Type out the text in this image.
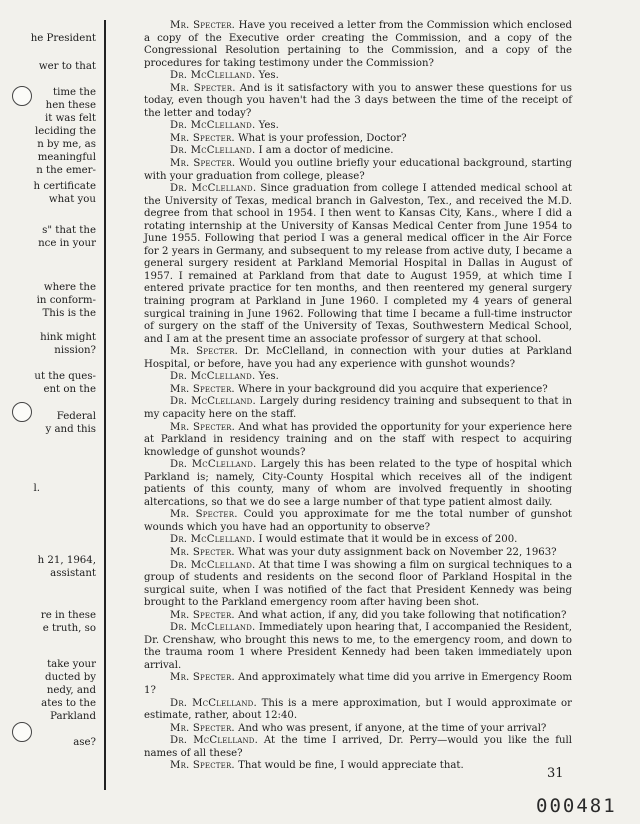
he President
wer to that
time the
hen these
it was felt
leciding the
n by me, as
meaningful
n the emer-
h certificate
what you
s" that the
nce in your
where the
in conform-
This is the
hink might
nission?
ut the ques-
ent on the
Federal
y and this
l.
h 21, 1964,
assistant
re in these
e truth, so
take your
ducted by
nedy, and
ates to the
Parkland
ase?

Mr. Specter. Have you received a letter from the Commission which enclosed a copy of the Executive order creating the Commission, and a copy of the Congressional Resolution pertaining to the Commission, and a copy of the procedures for taking testimony under the Commission?

Dr. McClelland. Yes.

Mr. Specter. And is it satisfactory with you to answer these questions for us today, even though you haven't had the 3 days between the time of the receipt of the letter and today?

Dr. McClelland. Yes.

Mr. Specter. What is your profession, Doctor?

Dr. McClelland. I am a doctor of medicine.

Mr. Specter. Would you outline briefly your educational background, starting with your graduation from college, please?

Dr. McClelland. Since graduation from college I attended medical school at the University of Texas, medical branch in Galveston, Tex., and received the M.D. degree from that school in 1954. I then went to Kansas City, Kans., where I did a rotating internship at the University of Kansas Medical Center from June 1954 to June 1955. Following that period I was a general medical officer in the Air Force for 2 years in Germany, and subsequent to my release from active duty, I became a general surgery resident at Parkland Memorial Hospital in Dallas in August of 1957. I remained at Parkland from that date to August 1959, at which time I entered private practice for ten months, and then reentered my general surgery training program at Parkland in June 1960. I completed my 4 years of general surgical training in June 1962. Following that time I became a full-time instructor of surgery on the staff of the University of Texas, Southwestern Medical School, and I am at the present time an associate professor of surgery at that school.

Mr. Specter. Dr. McClelland, in connection with your duties at Parkland Hospital, or before, have you had any experience with gunshot wounds?

Dr. McClelland. Yes.

Mr. Specter. Where in your background did you acquire that experience?

Dr. McClelland. Largely during residency training and subsequent to that in my capacity here on the staff.

Mr. Specter. And what has provided the opportunity for your experience here at Parkland in residency training and on the staff with respect to acquiring knowledge of gunshot wounds?

Dr. McClelland. Largely this has been related to the type of hospital which Parkland is; namely, City-County Hospital which receives all of the indigent patients of this county, many of whom are involved frequently in shooting altercations, so that we do see a large number of that type patient almost daily.

Mr. Specter. Could you approximate for me the total number of gunshot wounds which you have had an opportunity to observe?

Dr. McClelland. I would estimate that it would be in excess of 200.

Mr. Specter. What was your duty assignment back on November 22, 1963?

Dr. McClelland. At that time I was showing a film on surgical techniques to a group of students and residents on the second floor of Parkland Hospital in the surgical suite, when I was notified of the fact that President Kennedy was being brought to the Parkland emergency room after having been shot.

Mr. Specter. And what action, if any, did you take following that notification?

Dr. McClelland. Immediately upon hearing that, I accompanied the Resident, Dr. Crenshaw, who brought this news to me, to the emergency room, and down to the trauma room 1 where President Kennedy had been taken immediately upon arrival.

Mr. Specter. And approximately what time did you arrive in Emergency Room 1?

Dr. McClelland. This is a mere approximation, but I would approximate or estimate, rather, about 12:40.

Mr. Specter. And who was present, if anyone, at the time of your arrival?

Dr. McClelland. At the time I arrived, Dr. Perry—would you like the full names of all these?

Mr. Specter. That would be fine, I would appreciate that.

31
000481
